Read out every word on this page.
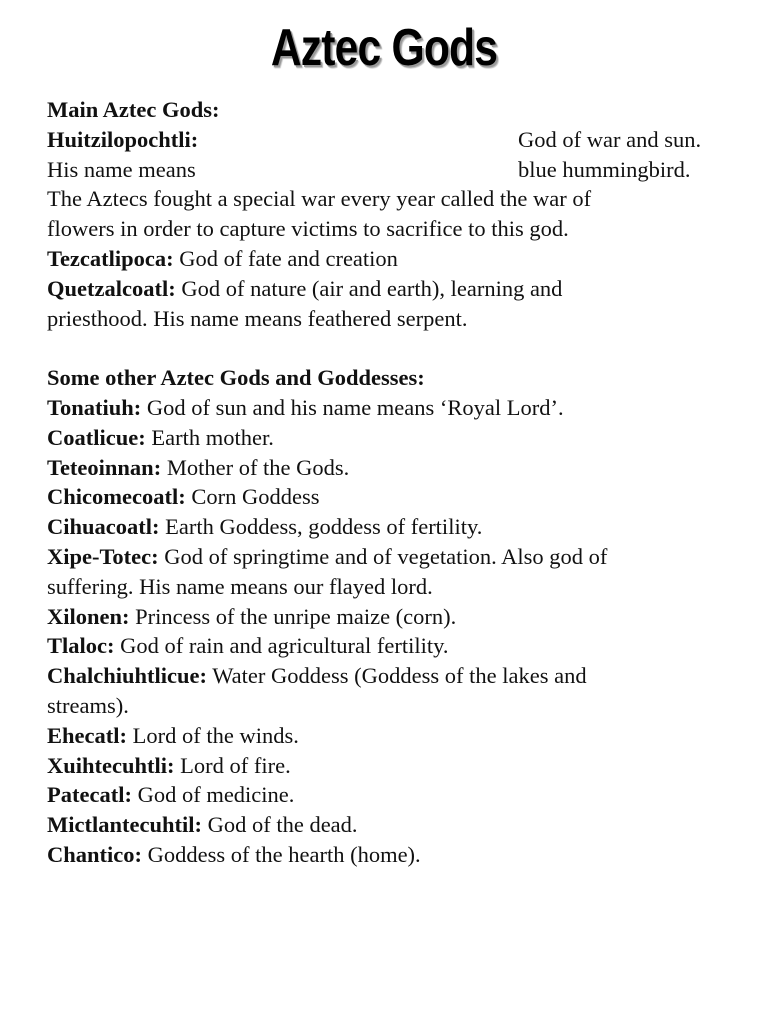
Aztec Gods
Main Aztec Gods:
Huitzilopochtli:	God of war and sun.
His name means	blue hummingbird.
The Aztecs fought a special war every year called the war of
flowers in order to capture victims to sacrifice to this god.
Tezcatlipoca: God of fate and creation
Quetzalcoatl: God of nature (air and earth), learning and
priesthood. His name means feathered serpent.
Some other Aztec Gods and Goddesses:
Tonatiuh: God of sun and his name means ‘Royal Lord’.
Coatlicue: Earth mother.
Teteoinnan: Mother of the Gods.
Chicomecoatl: Corn Goddess
Cihuacoatl: Earth Goddess, goddess of fertility.
Xipe-Totec: God of springtime and of vegetation. Also god of
suffering. His name means our flayed lord.
Xilonen: Princess of the unripe maize (corn).
Tlaloc: God of rain and agricultural fertility.
Chalchiuhtlicue: Water Goddess (Goddess of the lakes and
streams).
Ehecatl: Lord of the winds.
Xuihtecuhtli: Lord of fire.
Patecatl: God of medicine.
Mictlantecuhtil: God of the dead.
Chantico: Goddess of the hearth (home).
